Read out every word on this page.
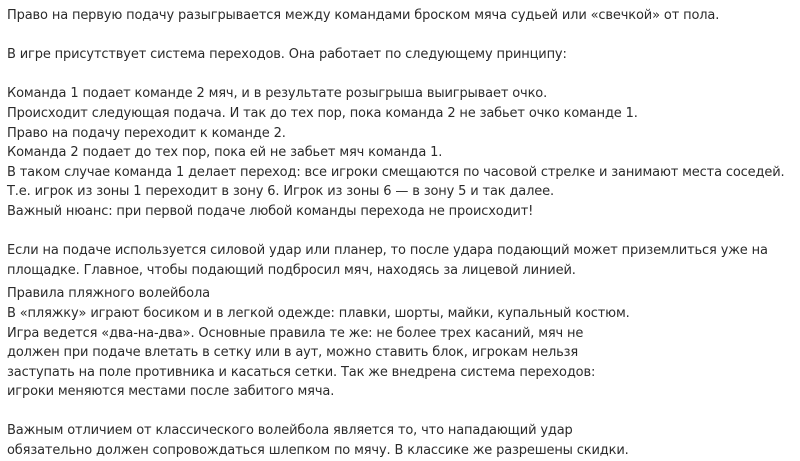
Право на первую подачу разыгрывается между командами броском мяча судьей или «свечкой» от пола.
В игре присутствует система переходов. Она работает по следующему принципу:
Команда 1 подает команде 2 мяч, и в результате розыгрыша выигрывает очко.
Происходит следующая подача. И так до тех пор, пока команда 2 не забьет очко команде 1.
Право на подачу переходит к команде 2.
Команда 2 подает до тех пор, пока ей не забьет мяч команда 1.
В таком случае команда 1 делает переход: все игроки смещаются по часовой стрелке и занимают места соседей.
Т.е. игрок из зоны 1 переходит в зону 6. Игрок из зоны 6 — в зону 5 и так далее.
Важный нюанс: при первой подаче любой команды перехода не происходит!
Если на подаче используется силовой удар или планер, то после удара подающий может приземлиться уже на
площадке. Главное, чтобы подающий подбросил мяч, находясь за лицевой линией.
Правила пляжного волейбола
В «пляжку» играют босиком и в легкой одежде: плавки, шорты, майки, купальный костюм.
Игра ведется «два-на-два». Основные правила те же: не более трех касаний, мяч не
должен при подаче влетать в сетку или в аут, можно ставить блок, игрокам нельзя
заступать на поле противника и касаться сетки. Так же внедрена система переходов:
игроки меняются местами после забитого мяча.
Важным отличием от классического волейбола является то, что нападающий удар
обязательно должен сопровождаться шлепком по мячу. В классике же разрешены скидки.
